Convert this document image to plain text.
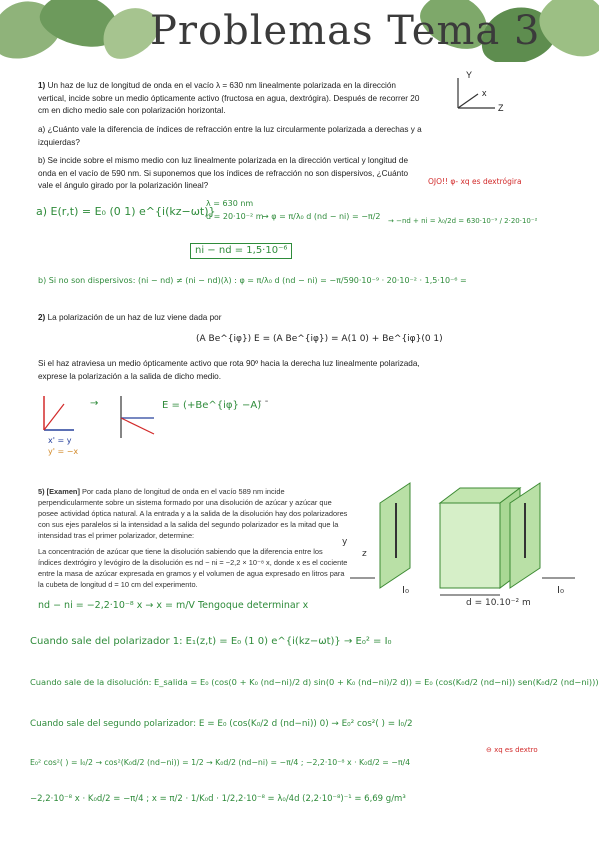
Problemas Tema 3
Y
x
Z
1) Un haz de luz de longitud de onda en el vacío λ = 630 nm linealmente polarizada en la dirección vertical, incide sobre un medio ópticamente activo (fructosa en agua, dextrógira). Después de recorrer 20 cm en dicho medio sale con polarización horizontal.
a) ¿Cuánto vale la diferencia de índices de refracción entre la luz circularmente polarizada a derechas y a izquierdas?
b) Se incide sobre el mismo medio con luz linealmente polarizada en la dirección vertical y longitud de onda en el vacío de 590 nm. Si suponemos que los índices de refracción no son dispersivos, ¿Cuánto vale el ángulo girado por la polarización lineal?	OJO!! φ- xq es dextrógira
a) E(r,t) = E₀ (0 1) e^{i(kz−ωt)}
λ = 630 nm
d = 20·10⁻² m
→ φ = π/λ₀ d (nd − ni) = −π/2 → −nd + ni = λ₀/2d = 630·10⁻⁹ / 2·20·10⁻²
ni − nd = 1,5·10⁻⁶
b) Si no son dispersivos: (ni − nd) ≠ (ni − nd)(λ) : φ = π/λ₀ d (nd − ni) = −π/590·10⁻⁹ · 20·10⁻² · 1,5·10⁻⁶ =
2) La polarización de un haz de luz viene dada por
(A Be^{iφ}) E = (A Be^{iφ}) = A(1 0) + Be^{iφ}(0 1)
Si el haz atraviesa un medio ópticamente activo que rota 90º hacia la derecha luz linealmente polarizada, exprese la polarización a la salida de dicho medio.
→	E = (+Be^{iφ} −A)
x' = y
y' = −x
- -
5) [Examen] Por cada plano de longitud de onda en el vacío 589 nm incide perpendicularmente sobre un sistema formado por una disolución de azúcar y azúcar que posee actividad óptica natural. A la entrada y a la salida de la disolución hay dos polarizadores con sus ejes paralelos si la intensidad a la salida del segundo polarizador es la mitad que la intensidad tras el primer polarizador, determine:
La concentración de azúcar que tiene la disolución sabiendo que la diferencia entre los índices dextrógiro y levógiro de la disolución es nd − ni = −2,2 × 10⁻⁸ x, donde x es el cociente entre la masa de azúcar expresada en gramos y el volumen de agua expresado en litros para la cubeta de longitud d = 10 cm del experimento.
y
z
I₀	I₀
d = 10.10⁻² m
nd − ni = −2,2·10⁻⁸ x → x = m/V Tengoque determinar x
Cuando sale del polarizador 1: E₁(z,t) = E₀ (1 0) e^{i(kz−ωt)} → E₀² = I₀
Cuando sale de la disolución: E_salida = E₀ (cos(0 + K₀ (nd−ni)/2 d) sin(0 + K₀ (nd−ni)/2 d)) = E₀ (cos(K₀d/2 (nd−ni)) sen(K₀d/2 (nd−ni)))
Cuando sale del segundo polarizador: E = E₀ (cos(K₀/2 d (nd−ni)) 0) → E₀² cos²( ) = I₀/2
E₀² cos²( ) = I₀/2 → cos²(K₀d/2 (nd−ni)) = 1/2 → K₀d/2 (nd−ni) = −π/4 ; −2,2·10⁻⁸ x · K₀d/2 = −π/4
⊖ xq es dextro
−2,2·10⁻⁸ x · K₀d/2 = −π/4 ; x = π/2 · 1/K₀d · 1/2,2·10⁻⁸ = λ₀/4d (2,2·10⁻⁸)⁻¹ = 6,69 g/m³
